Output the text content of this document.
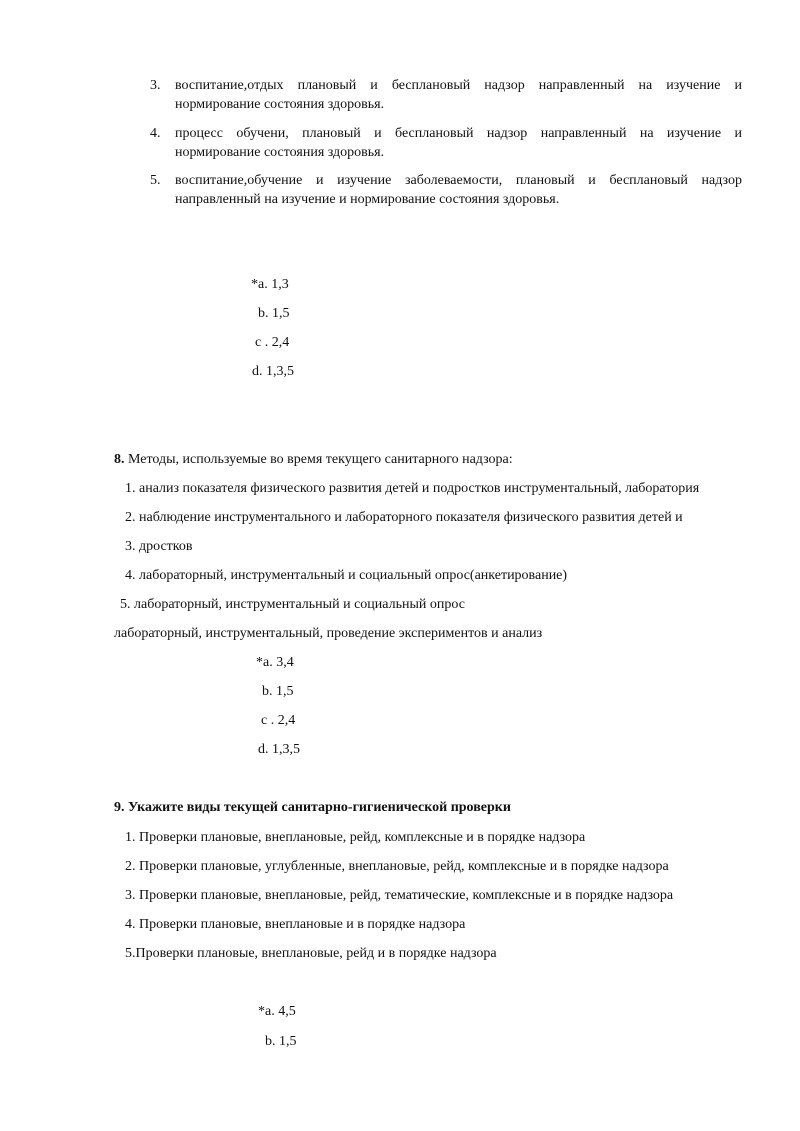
3. воспитание,отдых плановый и бесплановый надзор направленный на изучение и
нормирование состояния здоровья.
4. процесс обучени, плановый и бесплановый надзор направленный на изучение и
нормирование состояния здоровья.
5. воспитание,обучение и изучение заболеваемости, плановый и бесплановый надзор
направленный на изучение и нормирование состояния здоровья.
*a. 1,3
b. 1,5
c . 2,4
d. 1,3,5
8. Методы, используемые во время текущего санитарного надзора:
1. анализ показателя физического развития детей и подростков инструментальный, лаборатория
2. наблюдение инструментального и лабораторного показателя физического развития детей и
3. дростков
4. лабораторный, инструментальный и социальный опрос(анкетирование)
5. лабораторный, инструментальный и социальный опрос
лабораторный, инструментальный, проведение экспериментов и анализ
*a. 3,4
b. 1,5
c . 2,4
d. 1,3,5
9. Укажите виды текущей санитарно-гигиенической проверки
1. Проверки плановые, внеплановые, рейд, комплексные и в порядке надзора
2. Проверки плановые, углубленные, внеплановые, рейд, комплексные и в порядке надзора
3. Проверки плановые, внеплановые, рейд, тематические, комплексные и в порядке надзора
4. Проверки плановые, внеплановые и в порядке надзора
5.Проверки плановые, внеплановые, рейд и в порядке надзора
*a. 4,5
b. 1,5
